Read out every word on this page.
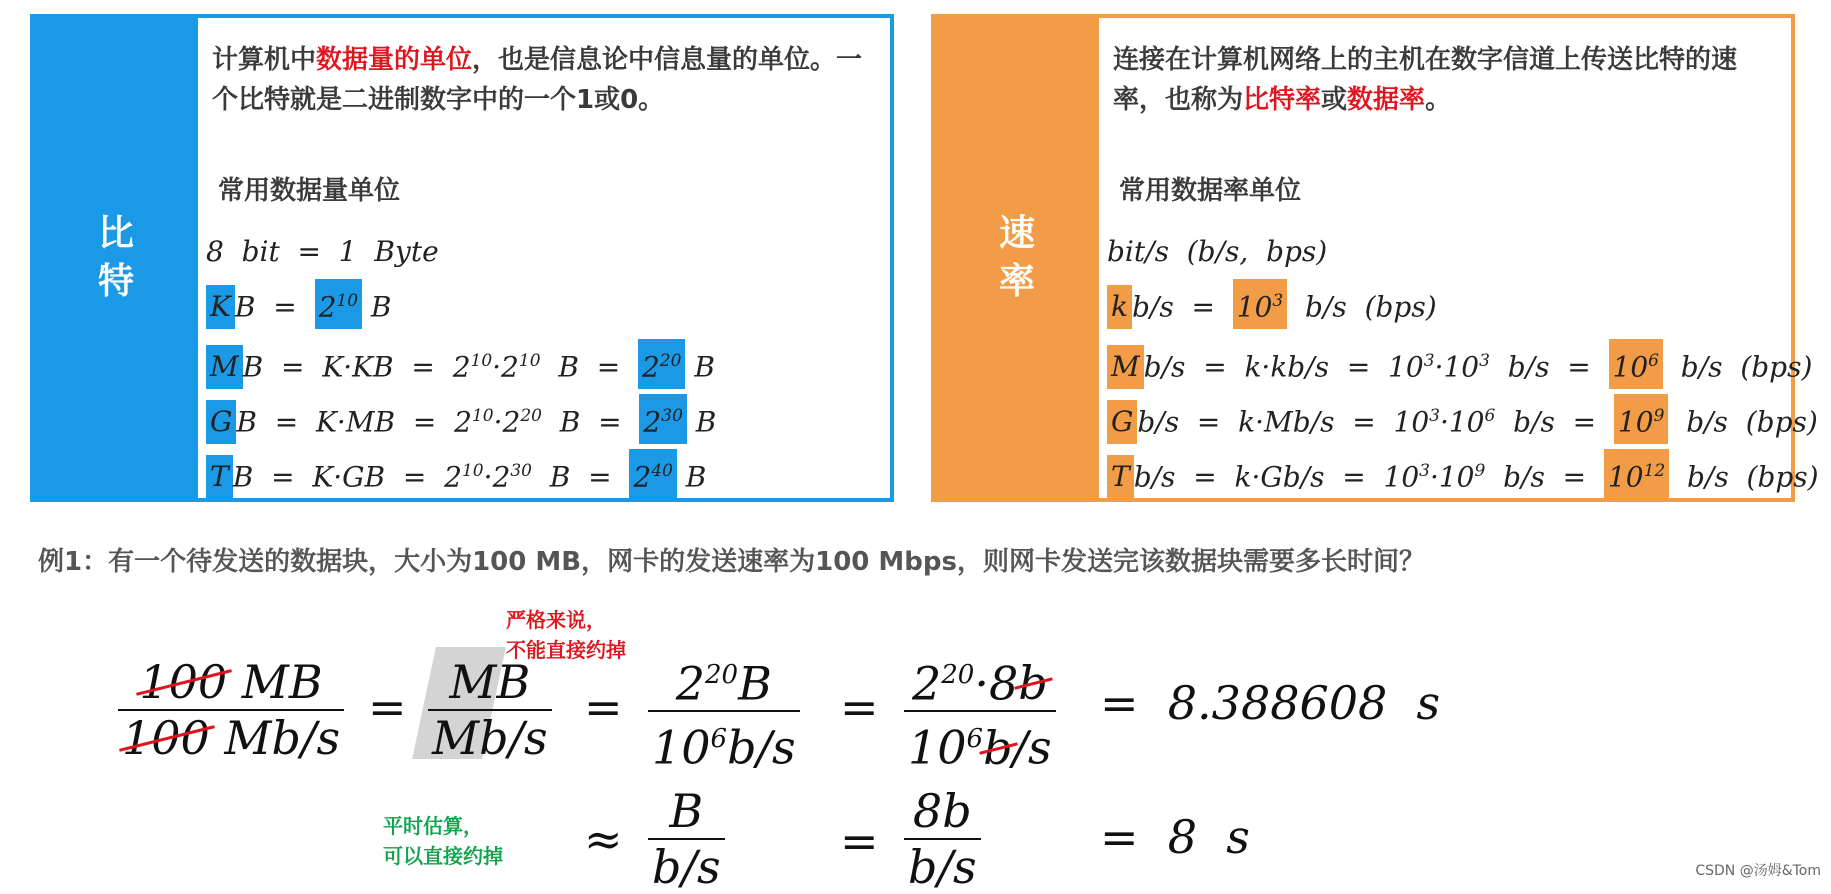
比
特
计算机中数据量的单位，也是信息论中信息量的单位。一个比特就是二进制数字中的一个1或0。
常用数据量单位
8  bit  =  1  Byte
K $B = 2^{10}$ B
M $B = K\cdot KB = 2^{10}\cdot 2^{10}$  $B = 2^{20}$ B
G $B = K\cdot MB = 2^{10}\cdot 2^{20}$  $B = 2^{30}$ B
T $B = K\cdot GB = 2^{10}\cdot 2^{30}$  $B = 2^{40}$ B
速
率
连接在计算机网络上的主机在数字信道上传送比特的速率，也称为比特率或数据率。
常用数据率单位
bit/s  (b/s,  bps)
k $b/s = 10^3$  b/s  (bps)
M $b/s = k\cdot kb/s = 10^3\cdot 10^3$  $b/s = 10^6$  b/s  (bps)
G $b/s = k\cdot Mb/s = 10^3\cdot 10^6$  $b/s = 10^9$  b/s  (bps)
T $b/s = k\cdot Gb/s = 10^3\cdot 10^9$  $b/s = 10^{12}$  b/s  (bps)
例1：有一个待发送的数据块，大小为100 MB，网卡的发送速率为100 Mbps，则网卡发送完该数据块需要多长时间？
严格来说，
不能直接约掉
平时估算，
可以直接约掉
$\frac{100 MB}{100 Mb/s} = \frac{MB}{Mb/s} = \frac{2^{20}B}{10^6b/s} = \frac{2^{20}\cdot 8b}{10^6b/s} = 8.388608$  s
≈ $\frac{B}{b/s}$	= $\frac{8b}{b/s}$	=  8  s
CSDN @汤姆&Tom
